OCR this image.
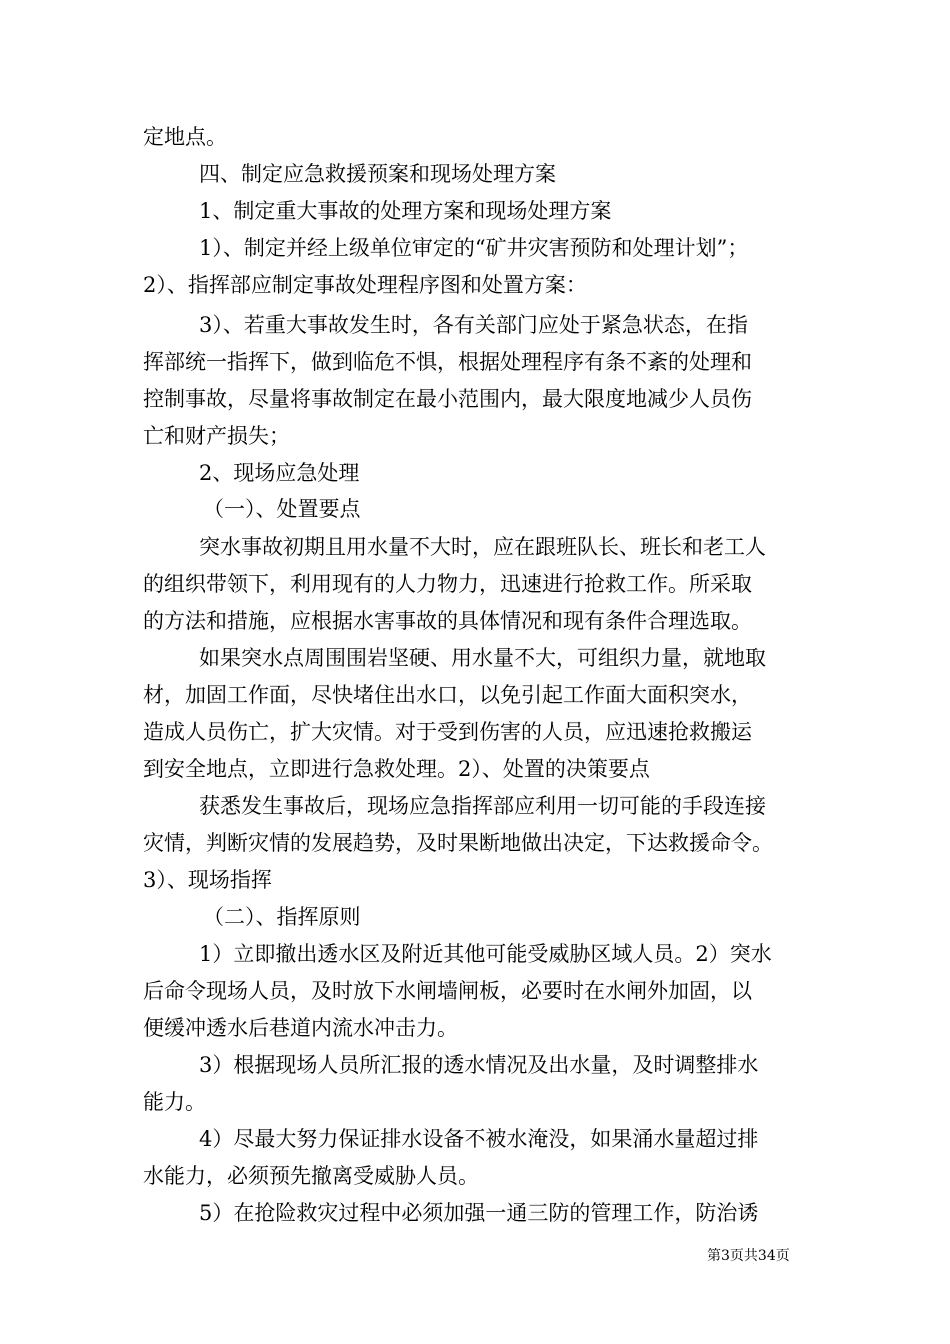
定地点。
四、制定应急救援预案和现场处理方案
1、制定重大事故的处理方案和现场处理方案
1）、制定并经上级单位审定的“矿井灾害预防和处理计划”；
2）、指挥部应制定事故处理程序图和处置方案：
3）、若重大事故发生时，各有关部门应处于紧急状态，在指
挥部统一指挥下，做到临危不惧，根据处理程序有条不紊的处理和
控制事故，尽量将事故制定在最小范围内，最大限度地减少人员伤
亡和财产损失；
2、现场应急处理
（一）、处置要点
突水事故初期且用水量不大时，应在跟班队长、班长和老工人
的组织带领下，利用现有的人力物力，迅速进行抢救工作。所采取
的方法和措施，应根据水害事故的具体情况和现有条件合理选取。
如果突水点周围围岩坚硬、用水量不大，可组织力量，就地取
材，加固工作面，尽快堵住出水口，以免引起工作面大面积突水，
造成人员伤亡，扩大灾情。对于受到伤害的人员，应迅速抢救搬运
到安全地点，立即进行急救处理。2）、处置的决策要点
获悉发生事故后，现场应急指挥部应利用一切可能的手段连接
灾情，判断灾情的发展趋势，及时果断地做出决定，下达救援命令。
3）、现场指挥
（二）、指挥原则
1）立即撤出透水区及附近其他可能受威胁区域人员。2）突水
后命令现场人员，及时放下水闸墙闸板，必要时在水闸外加固，以
便缓冲透水后巷道内流水冲击力。
3）根据现场人员所汇报的透水情况及出水量，及时调整排水
能力。
4）尽最大努力保证排水设备不被水淹没，如果涌水量超过排
水能力，必须预先撤离受威胁人员。
5）在抢险救灾过程中必须加强一通三防的管理工作，防治诱
第3页共34页
